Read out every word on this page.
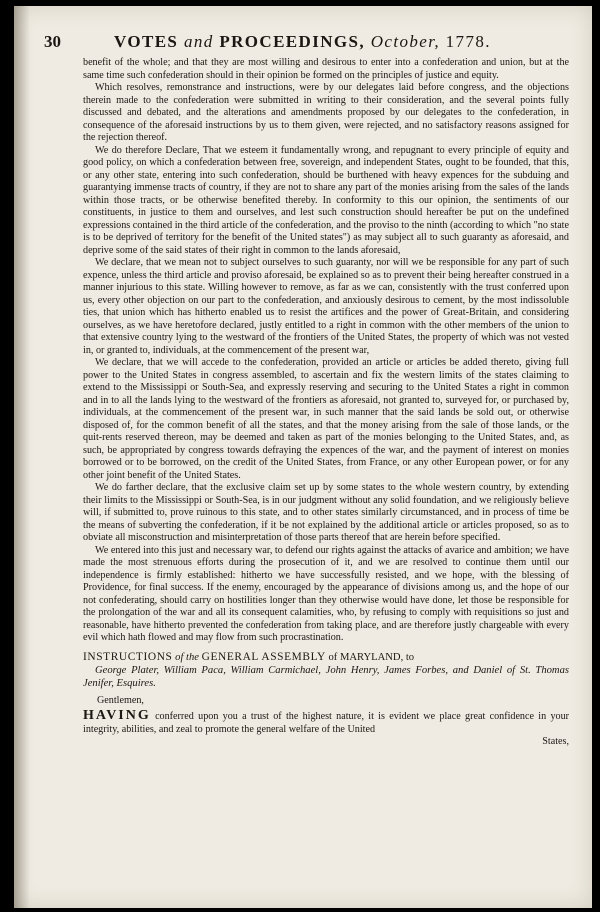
30	VOTES and PROCEEDINGS, October, 1778.

benefit of the whole; and that they are most willing and desirous to enter into a confederation and union, but at the same time such confederation should in their opinion be formed on the principles of justice and equity.

Which resolves, remonstrance and instructions, were by our delegates laid before congress, and the objections therein made to the confederation were submitted in writing to their consideration, and the several points fully discussed and debated, and the alterations and amendments proposed by our delegates to the confederation, in consequence of the aforesaid instructions by us to them given, were rejected, and no satisfactory reasons assigned for the rejection thereof.

We do therefore Declare, That we esteem it fundamentally wrong, and repugnant to every principle of equity and good policy, on which a confederation between free, sovereign, and independent States, ought to be founded, that this, or any other state, entering into such confederation, should be burthened with heavy expences for the subduing and guarantying immense tracts of country, if they are not to share any part of the monies arising from the sales of the lands within those tracts, or be otherwise benefited thereby. In conformity to this our opinion, the sentiments of our constituents, in justice to them and ourselves, and lest such construction should hereafter be put on the undefined expressions contained in the third article of the confederation, and the proviso to the ninth (according to which "no state is to be deprived of territory for the benefit of the United states") as may subject all to such guaranty as aforesaid, and deprive some of the said states of their right in common to the lands aforesaid,

We declare, that we mean not to subject ourselves to such guaranty, nor will we be responsible for any part of such expence, unless the third article and proviso aforesaid, be explained so as to prevent their being hereafter construed in a manner injurious to this state. Willing however to remove, as far as we can, consistently with the trust conferred upon us, every other objection on our part to the confederation, and anxiously desirous to cement, by the most indissoluble ties, that union which has hitherto enabled us to resist the artifices and the power of Great-Britain, and considering ourselves, as we have heretofore declared, justly entitled to a right in common with the other members of the union to that extensive country lying to the westward of the frontiers of the United States, the property of which was not vested in, or granted to, individuals, at the commencement of the present war,

We declare, that we will accede to the confederation, provided an article or articles be added thereto, giving full power to the United States in congress assembled, to ascertain and fix the western limits of the states claiming to extend to the Mississippi or South-Sea, and expressly reserving and securing to the United States a right in common and in to all the lands lying to the westward of the frontiers as aforesaid, not granted to, surveyed for, or purchased by, individuals, at the commencement of the present war, in such manner that the said lands be sold out, or otherwise disposed of, for the common benefit of all the states, and that the money arising from the sale of those lands, or the quit-rents reserved thereon, may be deemed and taken as part of the monies belonging to the United States, and, as such, be appropriated by congress towards defraying the expences of the war, and the payment of interest on monies borrowed or to be borrowed, on the credit of the United States, from France, or any other European power, or for any other joint benefit of the United States.

We do farther declare, that the exclusive claim set up by some states to the whole western country, by extending their limits to the Mississippi or South-Sea, is in our judgment without any solid foundation, and we religiously believe will, if submitted to, prove ruinous to this state, and to other states similarly circumstanced, and in process of time be the means of subverting the confederation, if it be not explained by the additional article or articles proposed, so as to obviate all misconstruction and misinterpretation of those parts thereof that are herein before specified.

We entered into this just and necessary war, to defend our rights against the attacks of avarice and ambition; we have made the most strenuous efforts during the prosecution of it, and we are resolved to continue them until our independence is firmly established: hitherto we have successfully resisted, and we hope, with the blessing of Providence, for final success. If the enemy, encouraged by the appearance of divisions among us, and the hope of our not confederating, should carry on hostilities longer than they otherwise would have done, let those be responsible for the prolongation of the war and all its consequent calamities, who, by refusing to comply with requisitions so just and reasonable, have hitherto prevented the confederation from taking place, and are therefore justly chargeable with every evil which hath flowed and may flow from such procrastination.

INSTRUCTIONS of the GENERAL ASSEMBLY of MARYLAND, to
George Plater, William Paca, William Carmichael, John Henry, James Forbes, and Daniel of St. Thomas Jenifer, Esquires.

Gentlemen,

HAVING conferred upon you a trust of the highest nature, it is evident we place great confidence in your integrity, abilities, and zeal to promote the general welfare of the United

States,
